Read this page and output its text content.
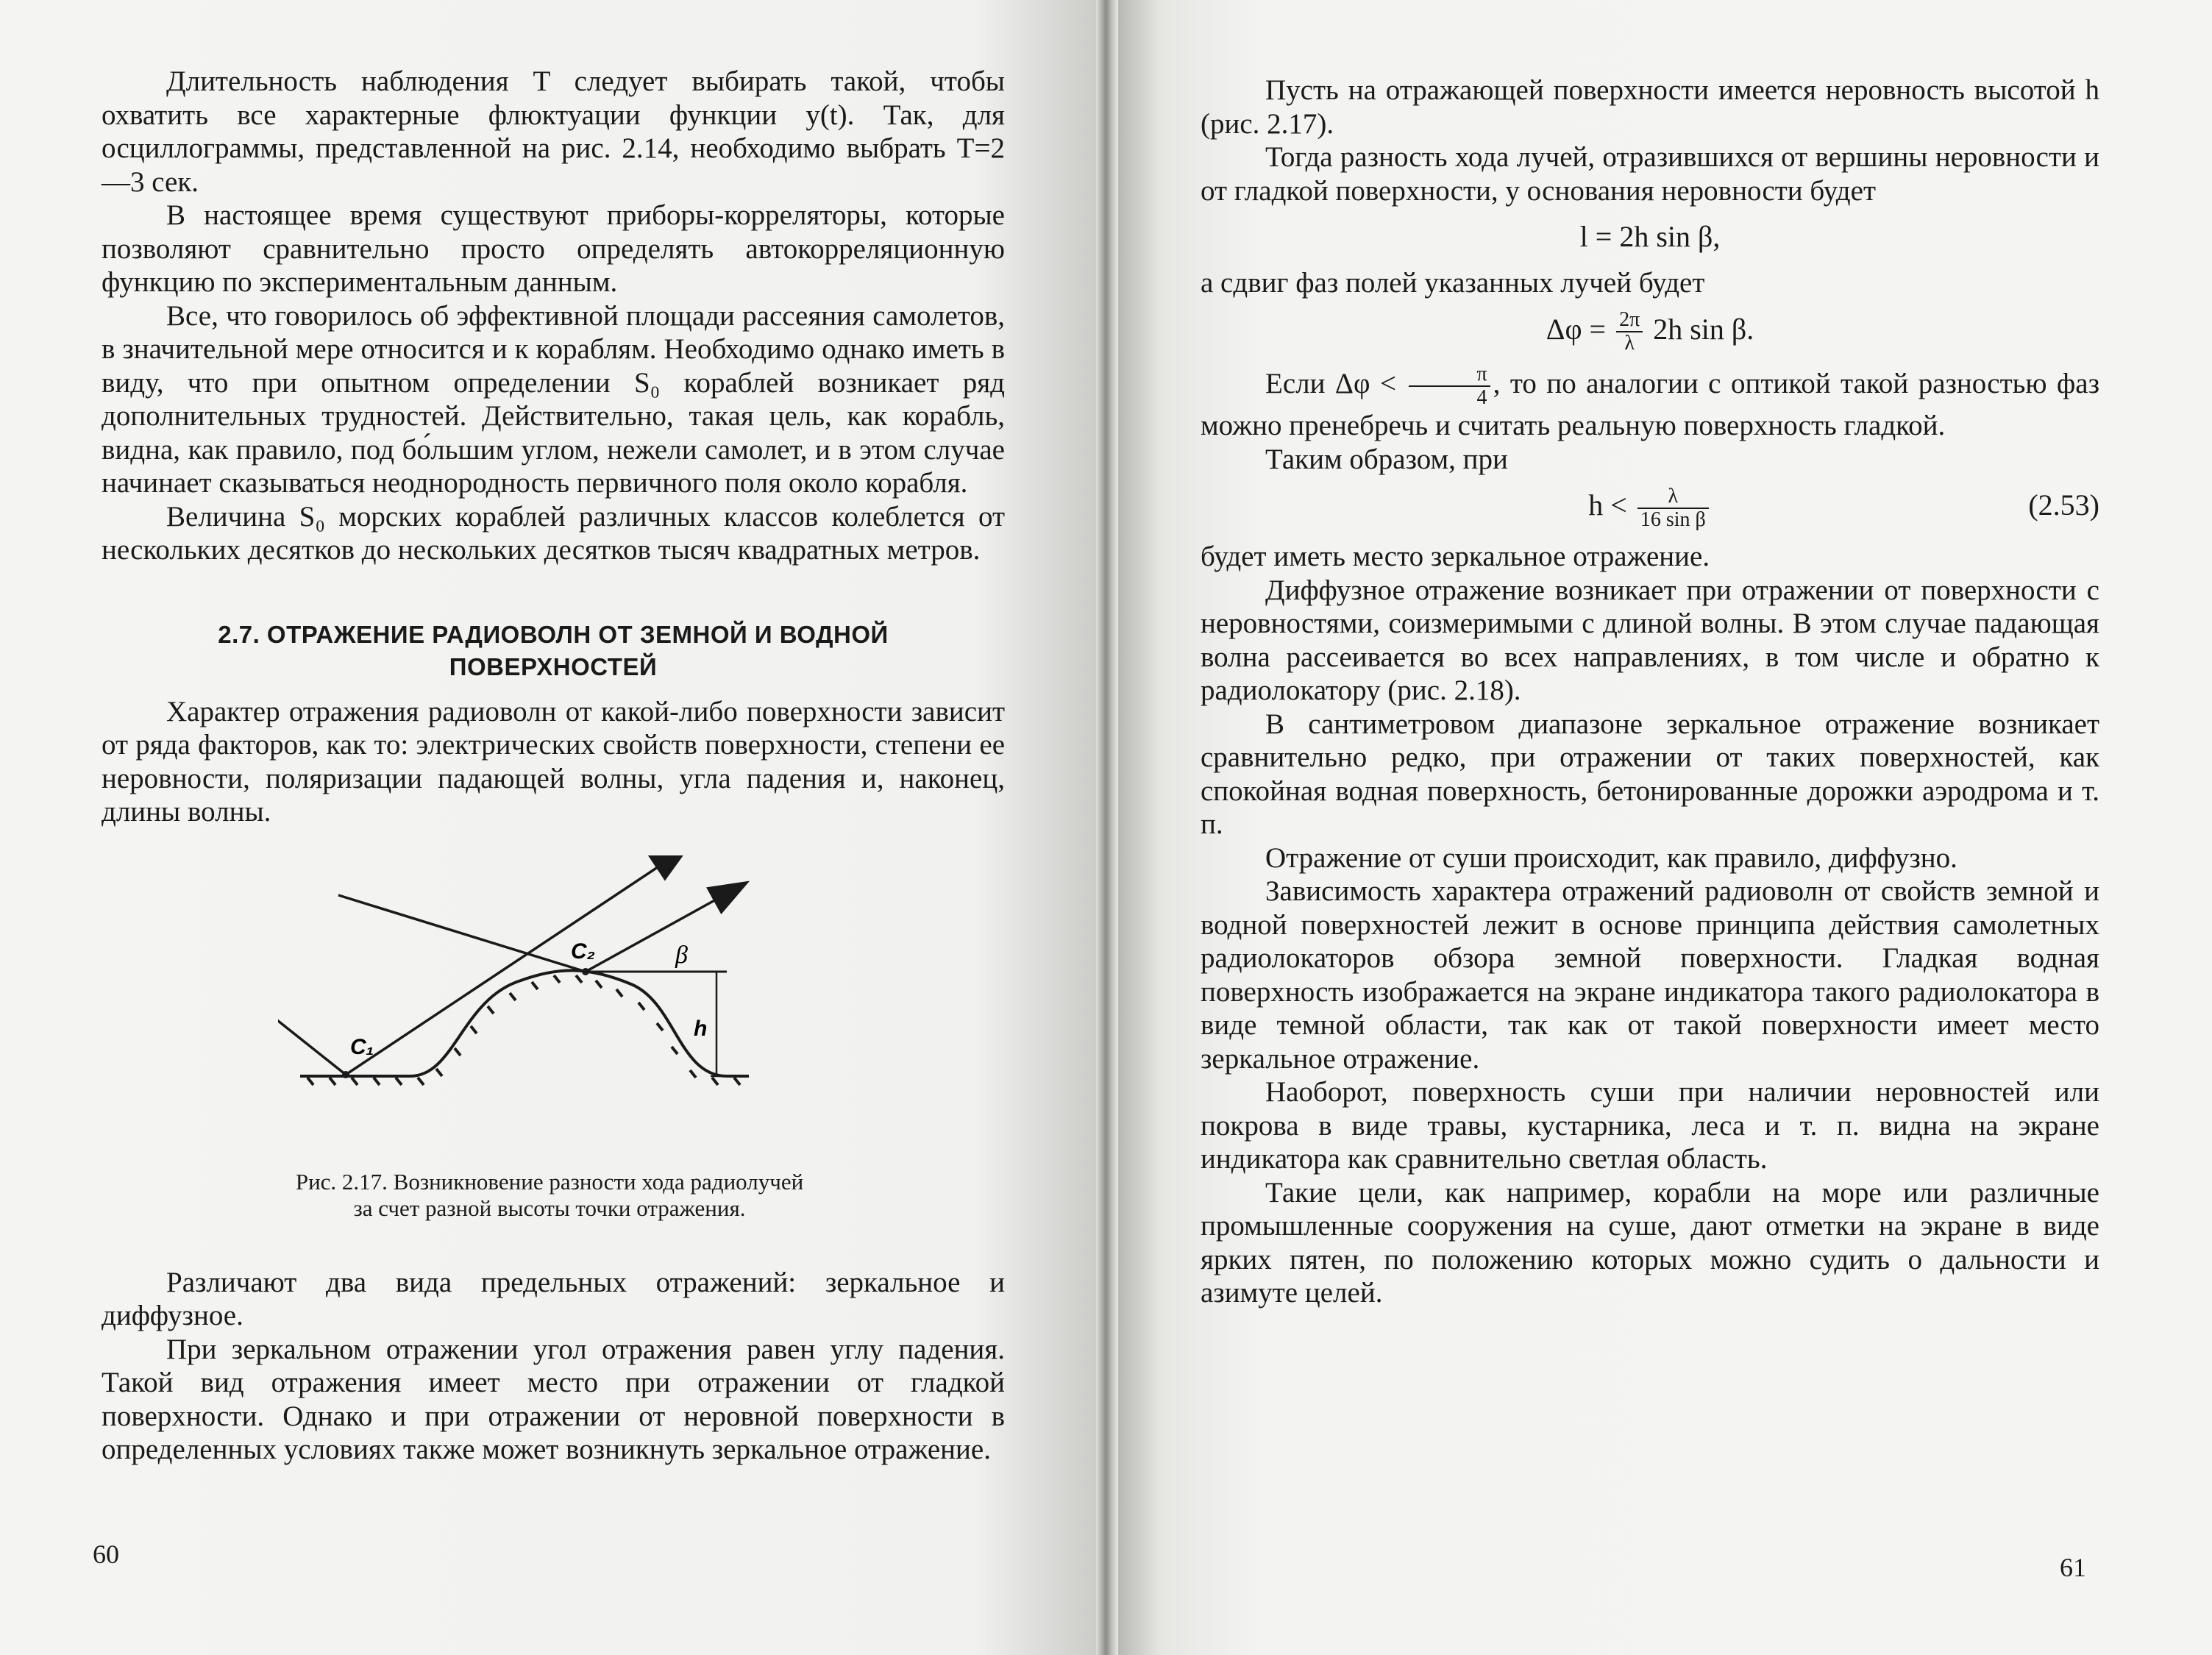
Длительность наблюдения T следует выбирать такой, чтобы охватить все характерные флюктуации функции y(t). Так, для осциллограммы, представленной на рис. 2.14, необходимо выбрать T=2—3 сек.

В настоящее время существуют приборы-корреляторы, которые позволяют сравнительно просто определять автокорреляционную функцию по экспериментальным данным.

Все, что говорилось об эффективной площади рассеяния самолетов, в значительной мере относится и к кораблям. Необходимо однако иметь в виду, что при опытном определении S₀ кораблей возникает ряд дополнительных трудностей. Действительно, такая цель, как корабль, видна, как правило, под бо́льшим углом, нежели самолет, и в этом случае начинает сказываться неоднородность первичного поля около корабля.

Величина S₀ морских кораблей различных классов колеблется от нескольких десятков до нескольких десятков тысяч квадратных метров.

2.7. ОТРАЖЕНИЕ РАДИОВОЛН ОТ ЗЕМНОЙ И ВОДНОЙ ПОВЕРХНОСТЕЙ

Характер отражения радиоволн от какой-либо поверхности зависит от ряда факторов, как то: электрических свойств поверхности, степени ее неровности, поляризации падающей волны, угла падения и, наконец, длины волны.

C₁
C₂	β
h
Рис. 2.17. Возникновение разности хода радиолучей за счет разной высоты точки отражения.

Различают два вида предельных отражений: зеркальное и диффузное.

При зеркальном отражении угол отражения равен углу падения. Такой вид отражения имеет место при отражении от гладкой поверхности. Однако и при отражении от неровной поверхности в определенных условиях также может возникнуть зеркальное отражение.

60

Пусть на отражающей поверхности имеется неровность высотой h (рис. 2.17).

Тогда разность хода лучей, отразившихся от вершины неровности и от гладкой поверхности, у основания неровности будет

l = 2h sin β,

а сдвиг фаз полей указанных лучей будет

$\Delta\varphi = \frac{2\pi}{\lambda} 2h$ sin β.

Если $\Delta\varphi < \frac{\pi}{4}$ , то по аналогии с оптикой такой разностью фаз можно пренебречь и считать реальную поверхность гладкой.

Таким образом, при

$h < \frac{\lambda}{\text{16 sin β}}$	(2.53)

будет иметь место зеркальное отражение.

Диффузное отражение возникает при отражении от поверхности с неровностями, соизмеримыми с длиной волны. В этом случае падающая волна рассеивается во всех направлениях, в том числе и обратно к радиолокатору (рис. 2.18).

В сантиметровом диапазоне зеркальное отражение возникает сравнительно редко, при отражении от таких поверхностей, как спокойная водная поверхность, бетонированные дорожки аэродрома и т. п.

Отражение от суши происходит, как правило, диффузно.

Зависимость характера отражений радиоволн от свойств земной и водной поверхностей лежит в основе принципа действия самолетных радиолокаторов обзора земной поверхности. Гладкая водная поверхность изображается на экране индикатора такого радиолокатора в виде темной области, так как от такой поверхности имеет место зеркальное отражение.

Наоборот, поверхность суши при наличии неровностей или покрова в виде травы, кустарника, леса и т. п. видна на экране индикатора как сравнительно светлая область.

Такие цели, как например, корабли на море или различные промышленные сооружения на суше, дают отметки на экране в виде ярких пятен, по положению которых можно судить о дальности и азимуте целей.

61
